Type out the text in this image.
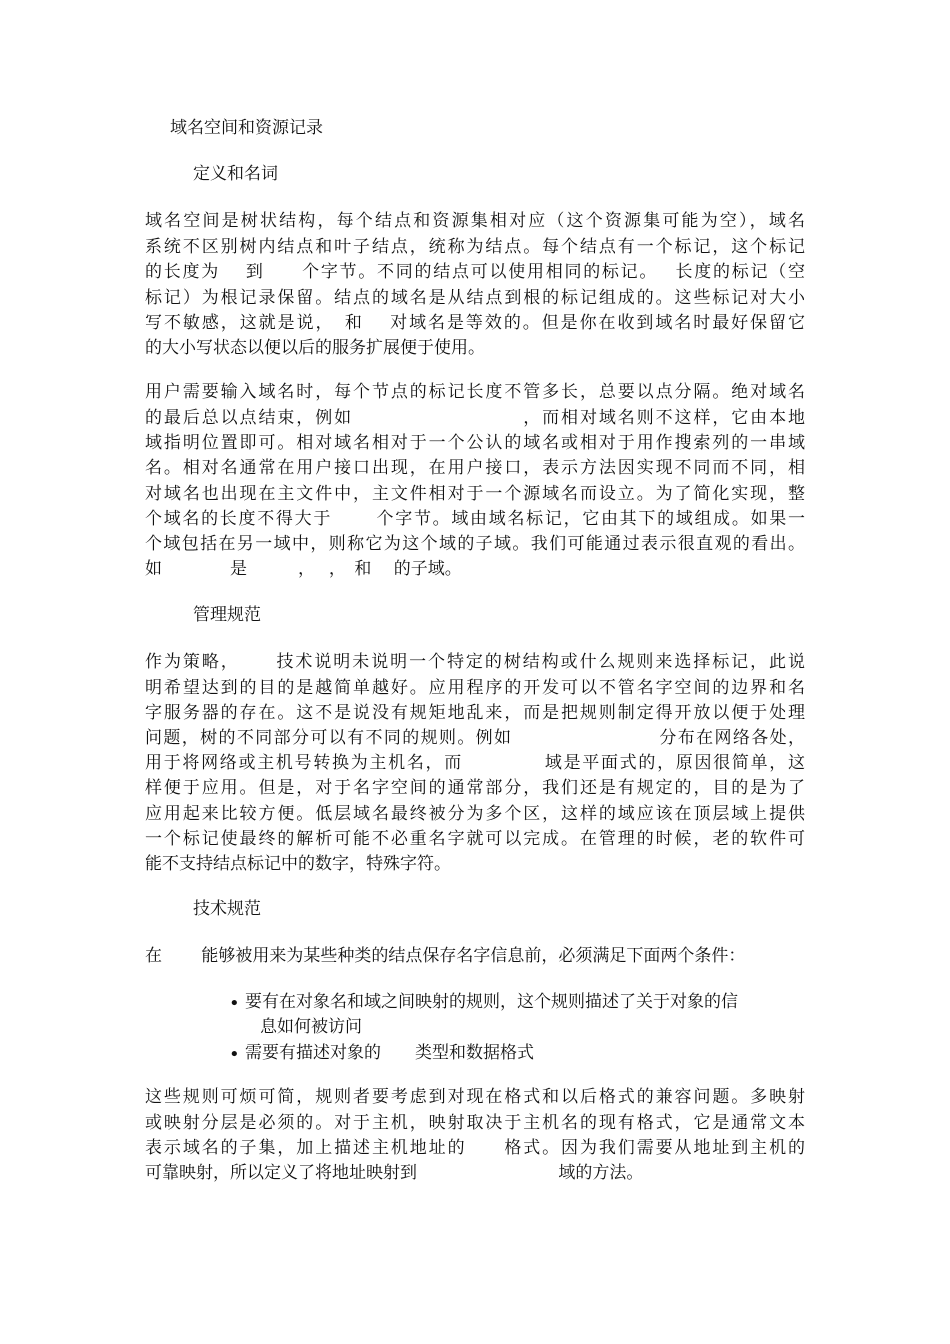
域名空间和资源记录
定义和名词
域名空间是树状结构，每个结点和资源集相对应（这个资源集可能为空），域名
系统不区别树内结点和叶子结点，统称为结点。每个结点有一个标记，这个标记
的长度为　 到　　个字节。不同的结点可以使用相同的标记。　 长度的标记（空
标记）为根记录保留。结点的域名是从结点到根的标记组成的。这些标记对大小
写不敏感，这就是说，　和　 对域名是等效的。但是你在收到域名时最好保留它
的大小写状态以便以后的服务扩展便于使用。
用户需要输入域名时，每个节点的标记长度不管多长，总要以点分隔。绝对域名
的最后总以点结束，例如　　　　　　　　　，而相对域名则不这样，它由本地
域指明位置即可。相对域名相对于一个公认的域名或相对于用作搜索列的一串域
名。相对名通常在用户接口出现，在用户接口，表示方法因实现不同而不同，相
对域名也出现在主文件中，主文件相对于一个源域名而设立。为了简化实现，整
个域名的长度不得大于　　 个字节。域由域名标记，它由其下的域组成。如果一
个域包括在另一域中，则称它为这个域的子域。我们可能通过表示很直观的看出。
如　　　　是　　　，　 ，　和　 的子域。
管理规范
作为策略，　　 技术说明未说明一个特定的树结构或什么规则来选择标记，此说
明希望达到的目的是越简单越好。应用程序的开发可以不管名字空间的边界和名
字服务器的存在。这不是说没有规矩地乱来，而是把规则制定得开放以便于处理
问题，树的不同部分可以有不同的规则。例如　　　　　　　　分布在网络各处，
用于将网络或主机号转换为主机名，而　　　　 域是平面式的，原因很简单，这
样便于应用。但是，对于名字空间的通常部分，我们还是有规定的，目的是为了
应用起来比较方便。低层域名最终被分为多个区，这样的域应该在顶层域上提供
一个标记使最终的解析可能不必重名字就可以完成。在管理的时候，老的软件可
能不支持结点标记中的数字，特殊字符。
技术规范
在　　 能够被用来为某些种类的结点保存名字信息前，必须满足下面两个条件：
• 要有在对象名和域之间映射的规则，这个规则描述了关于对象的信
息如何被访问
• 需要有描述对象的　　类型和数据格式
这些规则可烦可简，规则者要考虑到对现在格式和以后格式的兼容问题。多映射
或映射分层是必须的。对于主机，映射取决于主机名的现有格式，它是通常文本
表示域名的子集，加上描述主机地址的　　格式。因为我们需要从地址到主机的
可靠映射，所以定义了将地址映射到　　　　　　　　 域的方法。
